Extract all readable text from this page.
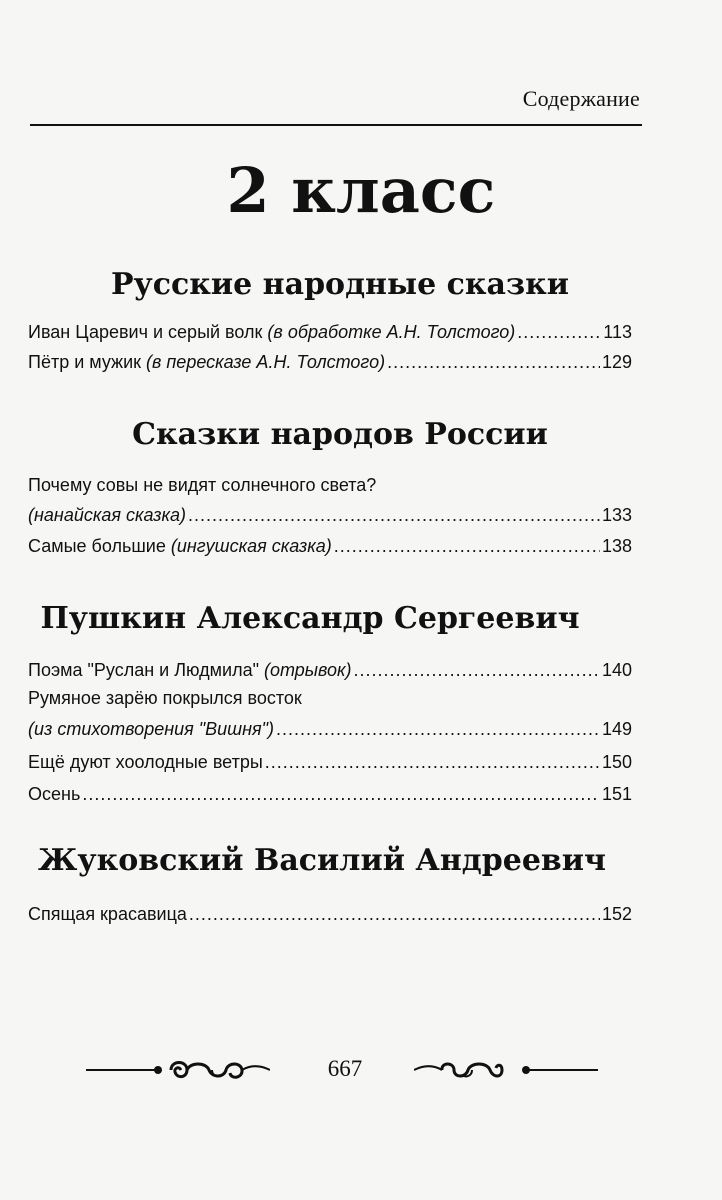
Содержание
2 класс
Русские народные сказки
Иван Царевич и серый волк (в обработке А.Н. Толстого) .....	113
Пётр и мужик (в пересказе А.Н. Толстого) .....	129
Сказки народов России
Почему совы не видят солнечного света?
(нанайская сказка) .....	133
Самые большие (ингушская сказка) .....	138
Пушкин Александр Сергеевич
Поэма "Руслан и Людмила" (отрывок) .....	140
Румяное зарёю покрылся восток
(из стихотворения "Вишня") .....	149
Ещё дуют хоолодные ветры .....	150
Осень .....	151
Жуковский Василий Андреевич
Спящая красавица .....	152
667
